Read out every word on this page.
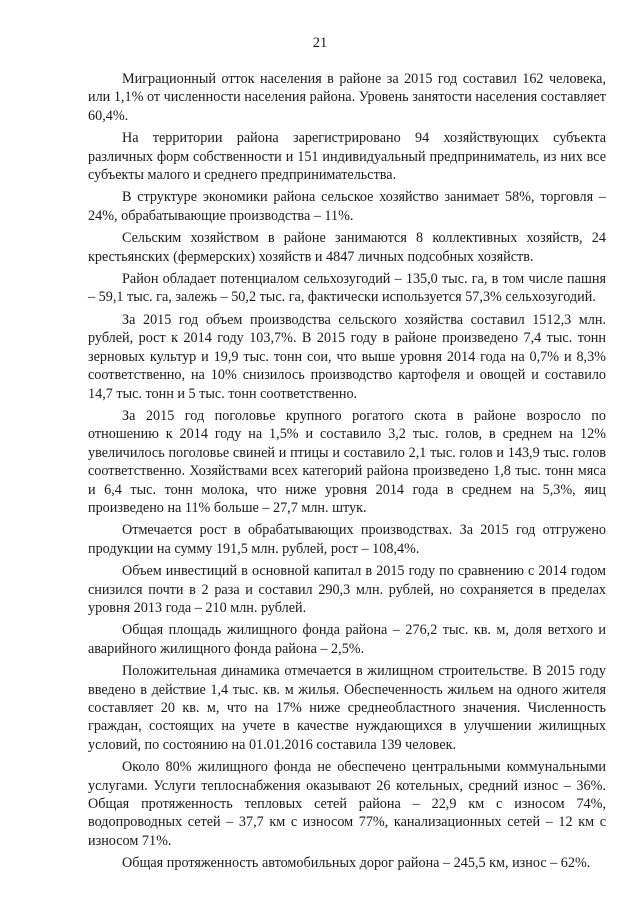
21

Миграционный отток населения в районе за 2015 год составил 162 человека, или 1,1% от численности населения района. Уровень занятости населения составляет 60,4%.

На территории района зарегистрировано 94 хозяйствующих субъекта различных форм собственности и 151 индивидуальный предприниматель, из них все субъекты малого и среднего предпринимательства.

В структуре экономики района сельское хозяйство занимает 58%, торговля – 24%, обрабатывающие производства – 11%.

Сельским хозяйством в районе занимаются 8 коллективных хозяйств, 24 крестьянских (фермерских) хозяйств и 4847 личных подсобных хозяйств.

Район обладает потенциалом сельхозугодий – 135,0 тыс. га, в том числе пашня – 59,1 тыс. га, залежь – 50,2 тыс. га, фактически используется 57,3% сельхозугодий.

За 2015 год объем производства сельского хозяйства составил 1512,3 млн. рублей, рост к 2014 году 103,7%. В 2015 году в районе произведено 7,4 тыс. тонн зерновых культур и 19,9 тыс. тонн сои, что выше уровня 2014 года на 0,7% и 8,3% соответственно, на 10% снизилось производство картофеля и овощей и составило 14,7 тыс. тонн и 5 тыс. тонн соответственно.

За 2015 год поголовье крупного рогатого скота в районе возросло по отношению к 2014 году на 1,5% и составило 3,2 тыс. голов, в среднем на 12% увеличилось поголовье свиней и птицы и составило 2,1 тыс. голов и 143,9 тыс. голов соответственно. Хозяйствами всех категорий района произведено 1,8 тыс. тонн мяса и 6,4 тыс. тонн молока, что ниже уровня 2014 года в среднем на 5,3%, яиц произведено на 11% больше – 27,7 млн. штук.

Отмечается рост в обрабатывающих производствах. За 2015 год отгружено продукции на сумму 191,5 млн. рублей, рост – 108,4%.

Объем инвестиций в основной капитал в 2015 году по сравнению с 2014 годом снизился почти в 2 раза и составил 290,3 млн. рублей, но сохраняется в пределах уровня 2013 года – 210 млн. рублей.

Общая площадь жилищного фонда района – 276,2 тыс. кв. м, доля ветхого и аварийного жилищного фонда района – 2,5%.

Положительная динамика отмечается в жилищном строительстве. В 2015 году введено в действие 1,4 тыс. кв. м жилья. Обеспеченность жильем на одного жителя составляет 20 кв. м, что на 17% ниже среднеобластного значения. Численность граждан, состоящих на учете в качестве нуждающихся в улучшении жилищных условий, по состоянию на 01.01.2016 составила 139 человек.

Около 80% жилищного фонда не обеспечено центральными коммунальными услугами. Услуги теплоснабжения оказывают 26 котельных, средний износ – 36%. Общая протяженность тепловых сетей района – 22,9 км с износом 74%, водопроводных сетей – 37,7 км с износом 77%, канализационных сетей – 12 км с износом 71%.

Общая протяженность автомобильных дорог района – 245,5 км, износ – 62%.
